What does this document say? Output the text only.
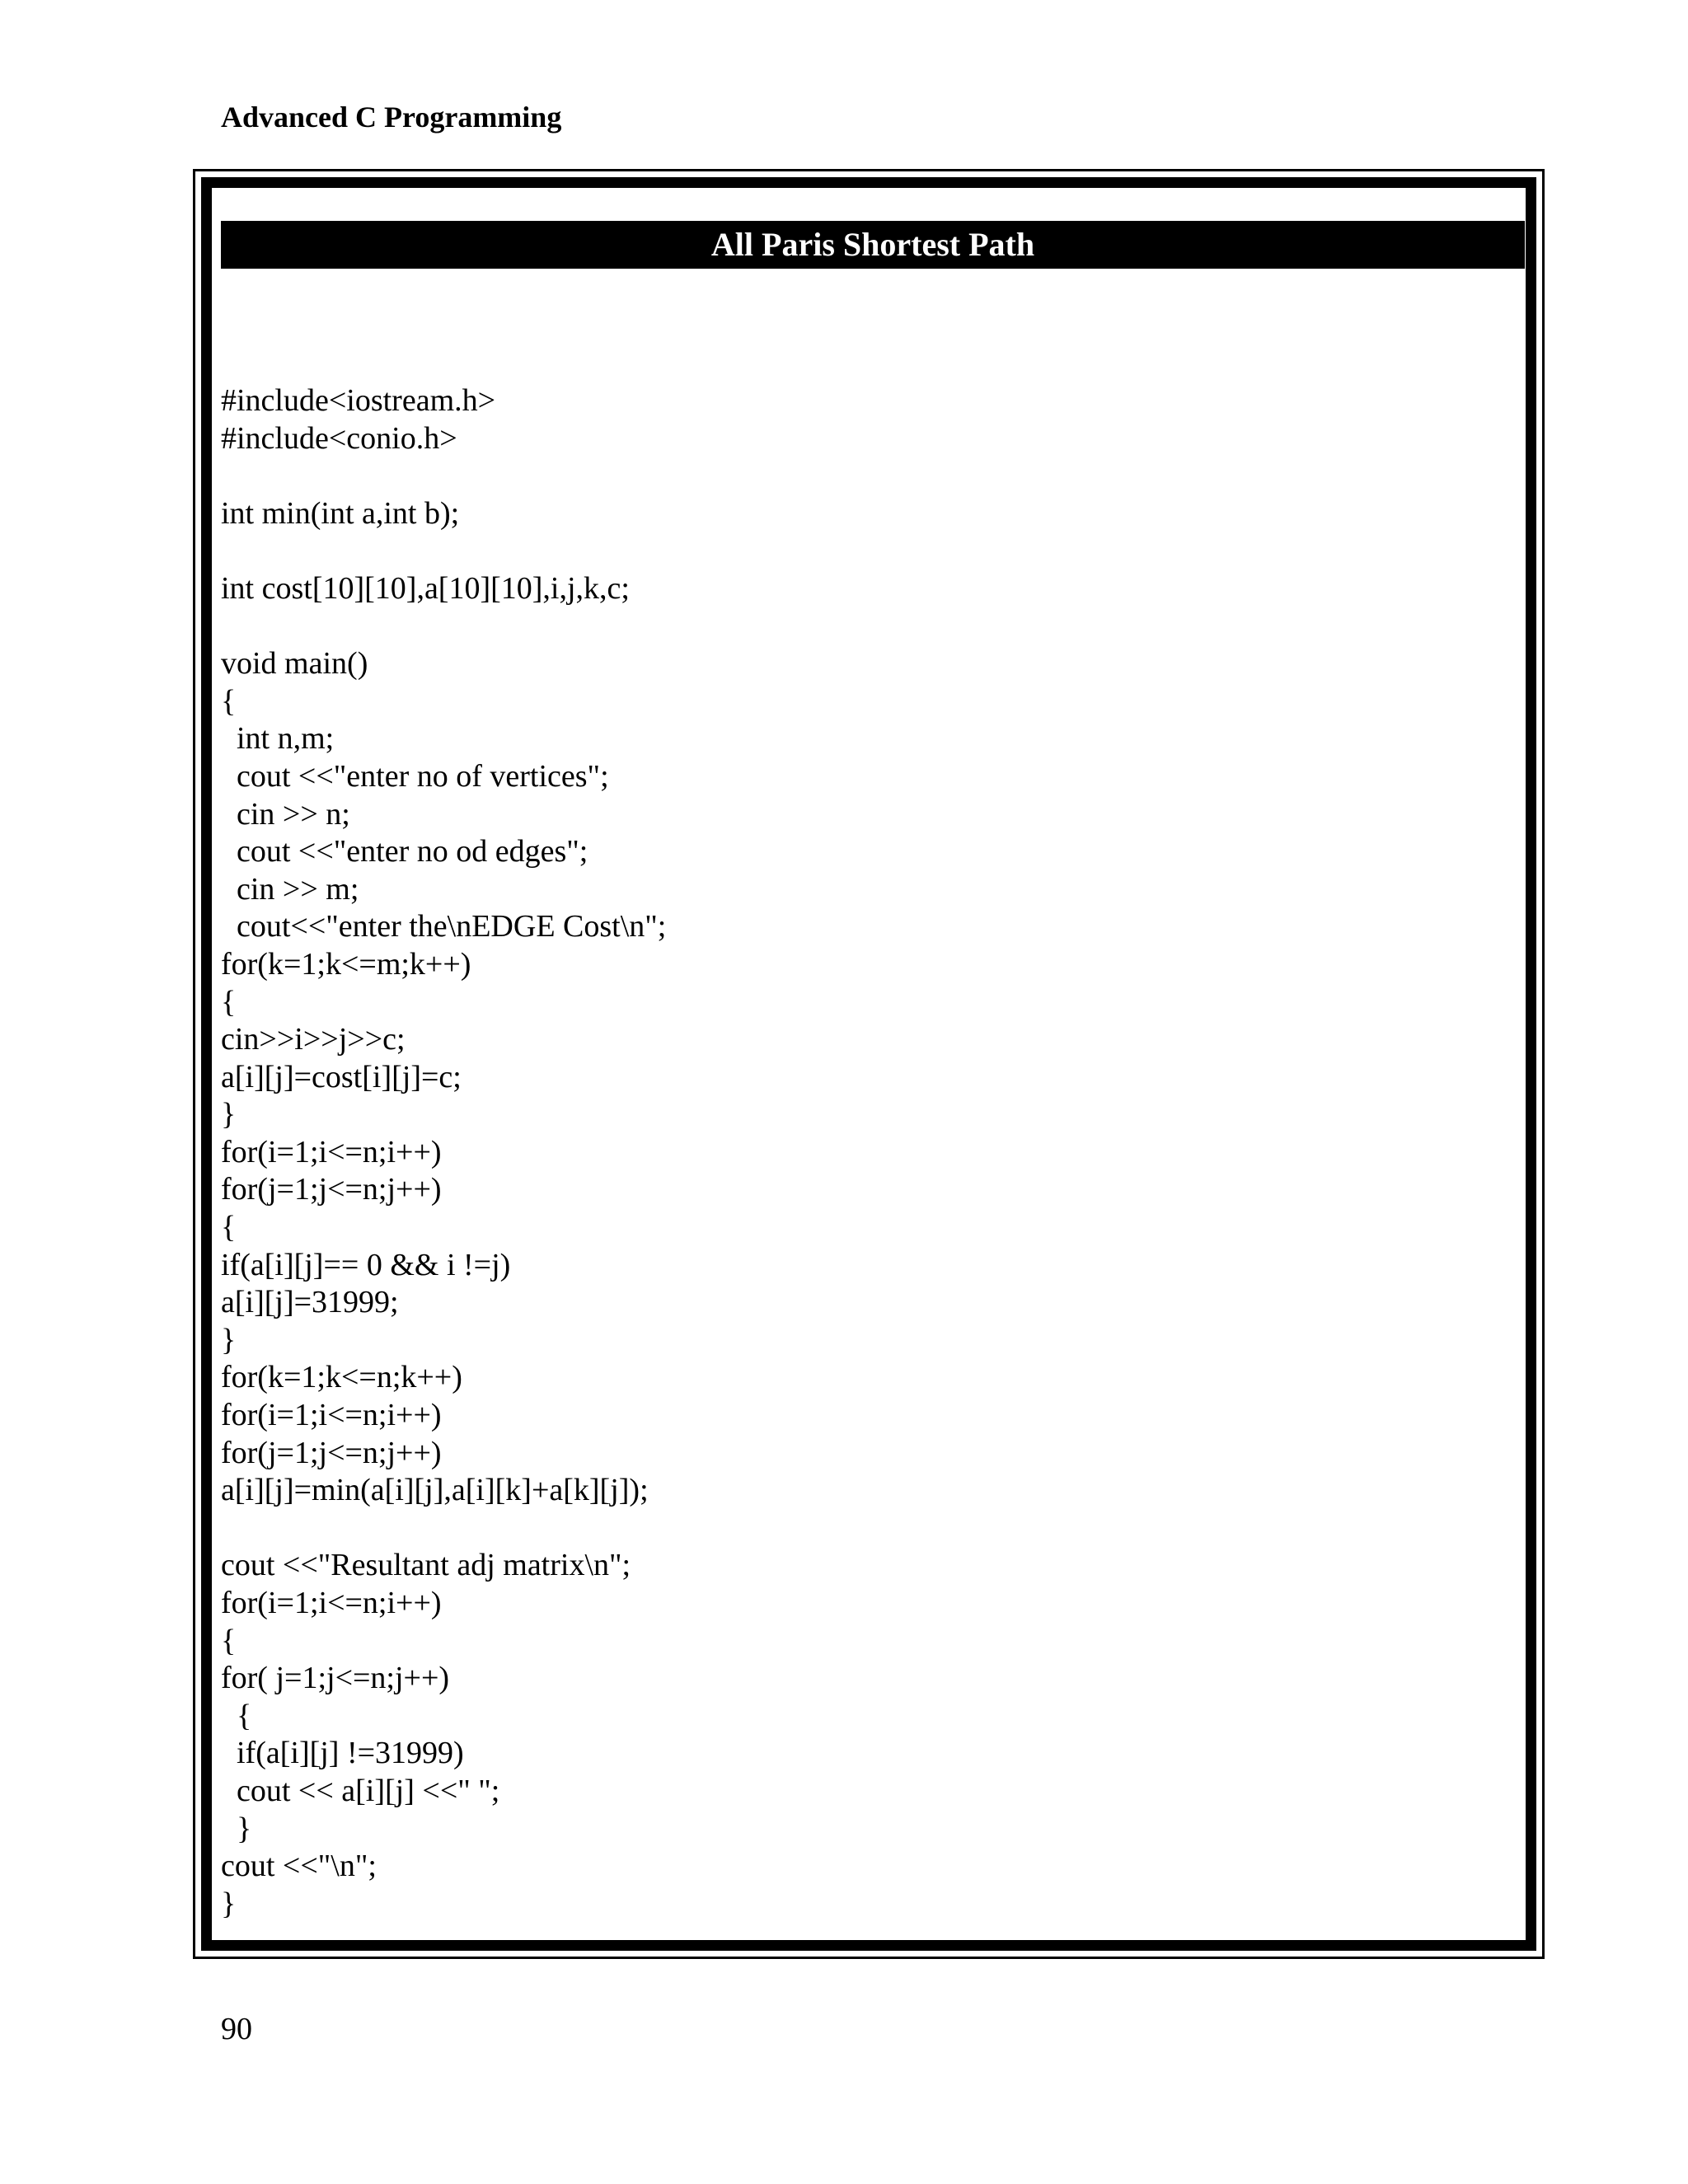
Advanced C Programming
All Paris Shortest Path
#include<iostream.h>
#include<conio.h>
int min(int a,int b);
int cost[10][10],a[10][10],i,j,k,c;
void main()
{
int n,m;
cout <<"enter no of vertices";
cin >> n;
cout <<"enter no od edges";
cin >> m;
cout<<"enter the\nEDGE Cost\n";
for(k=1;k<=m;k++)
{
cin>>i>>j>>c;
a[i][j]=cost[i][j]=c;
}
for(i=1;i<=n;i++)
for(j=1;j<=n;j++)
{
if(a[i][j]== 0 && i !=j)
a[i][j]=31999;
}
for(k=1;k<=n;k++)
for(i=1;i<=n;i++)
for(j=1;j<=n;j++)
a[i][j]=min(a[i][j],a[i][k]+a[k][j]);
cout <<"Resultant adj matrix\n";
for(i=1;i<=n;i++)
{
for( j=1;j<=n;j++)
{
if(a[i][j] !=31999)
cout << a[i][j] <<" ";
}
cout <<"\n";
}
90
